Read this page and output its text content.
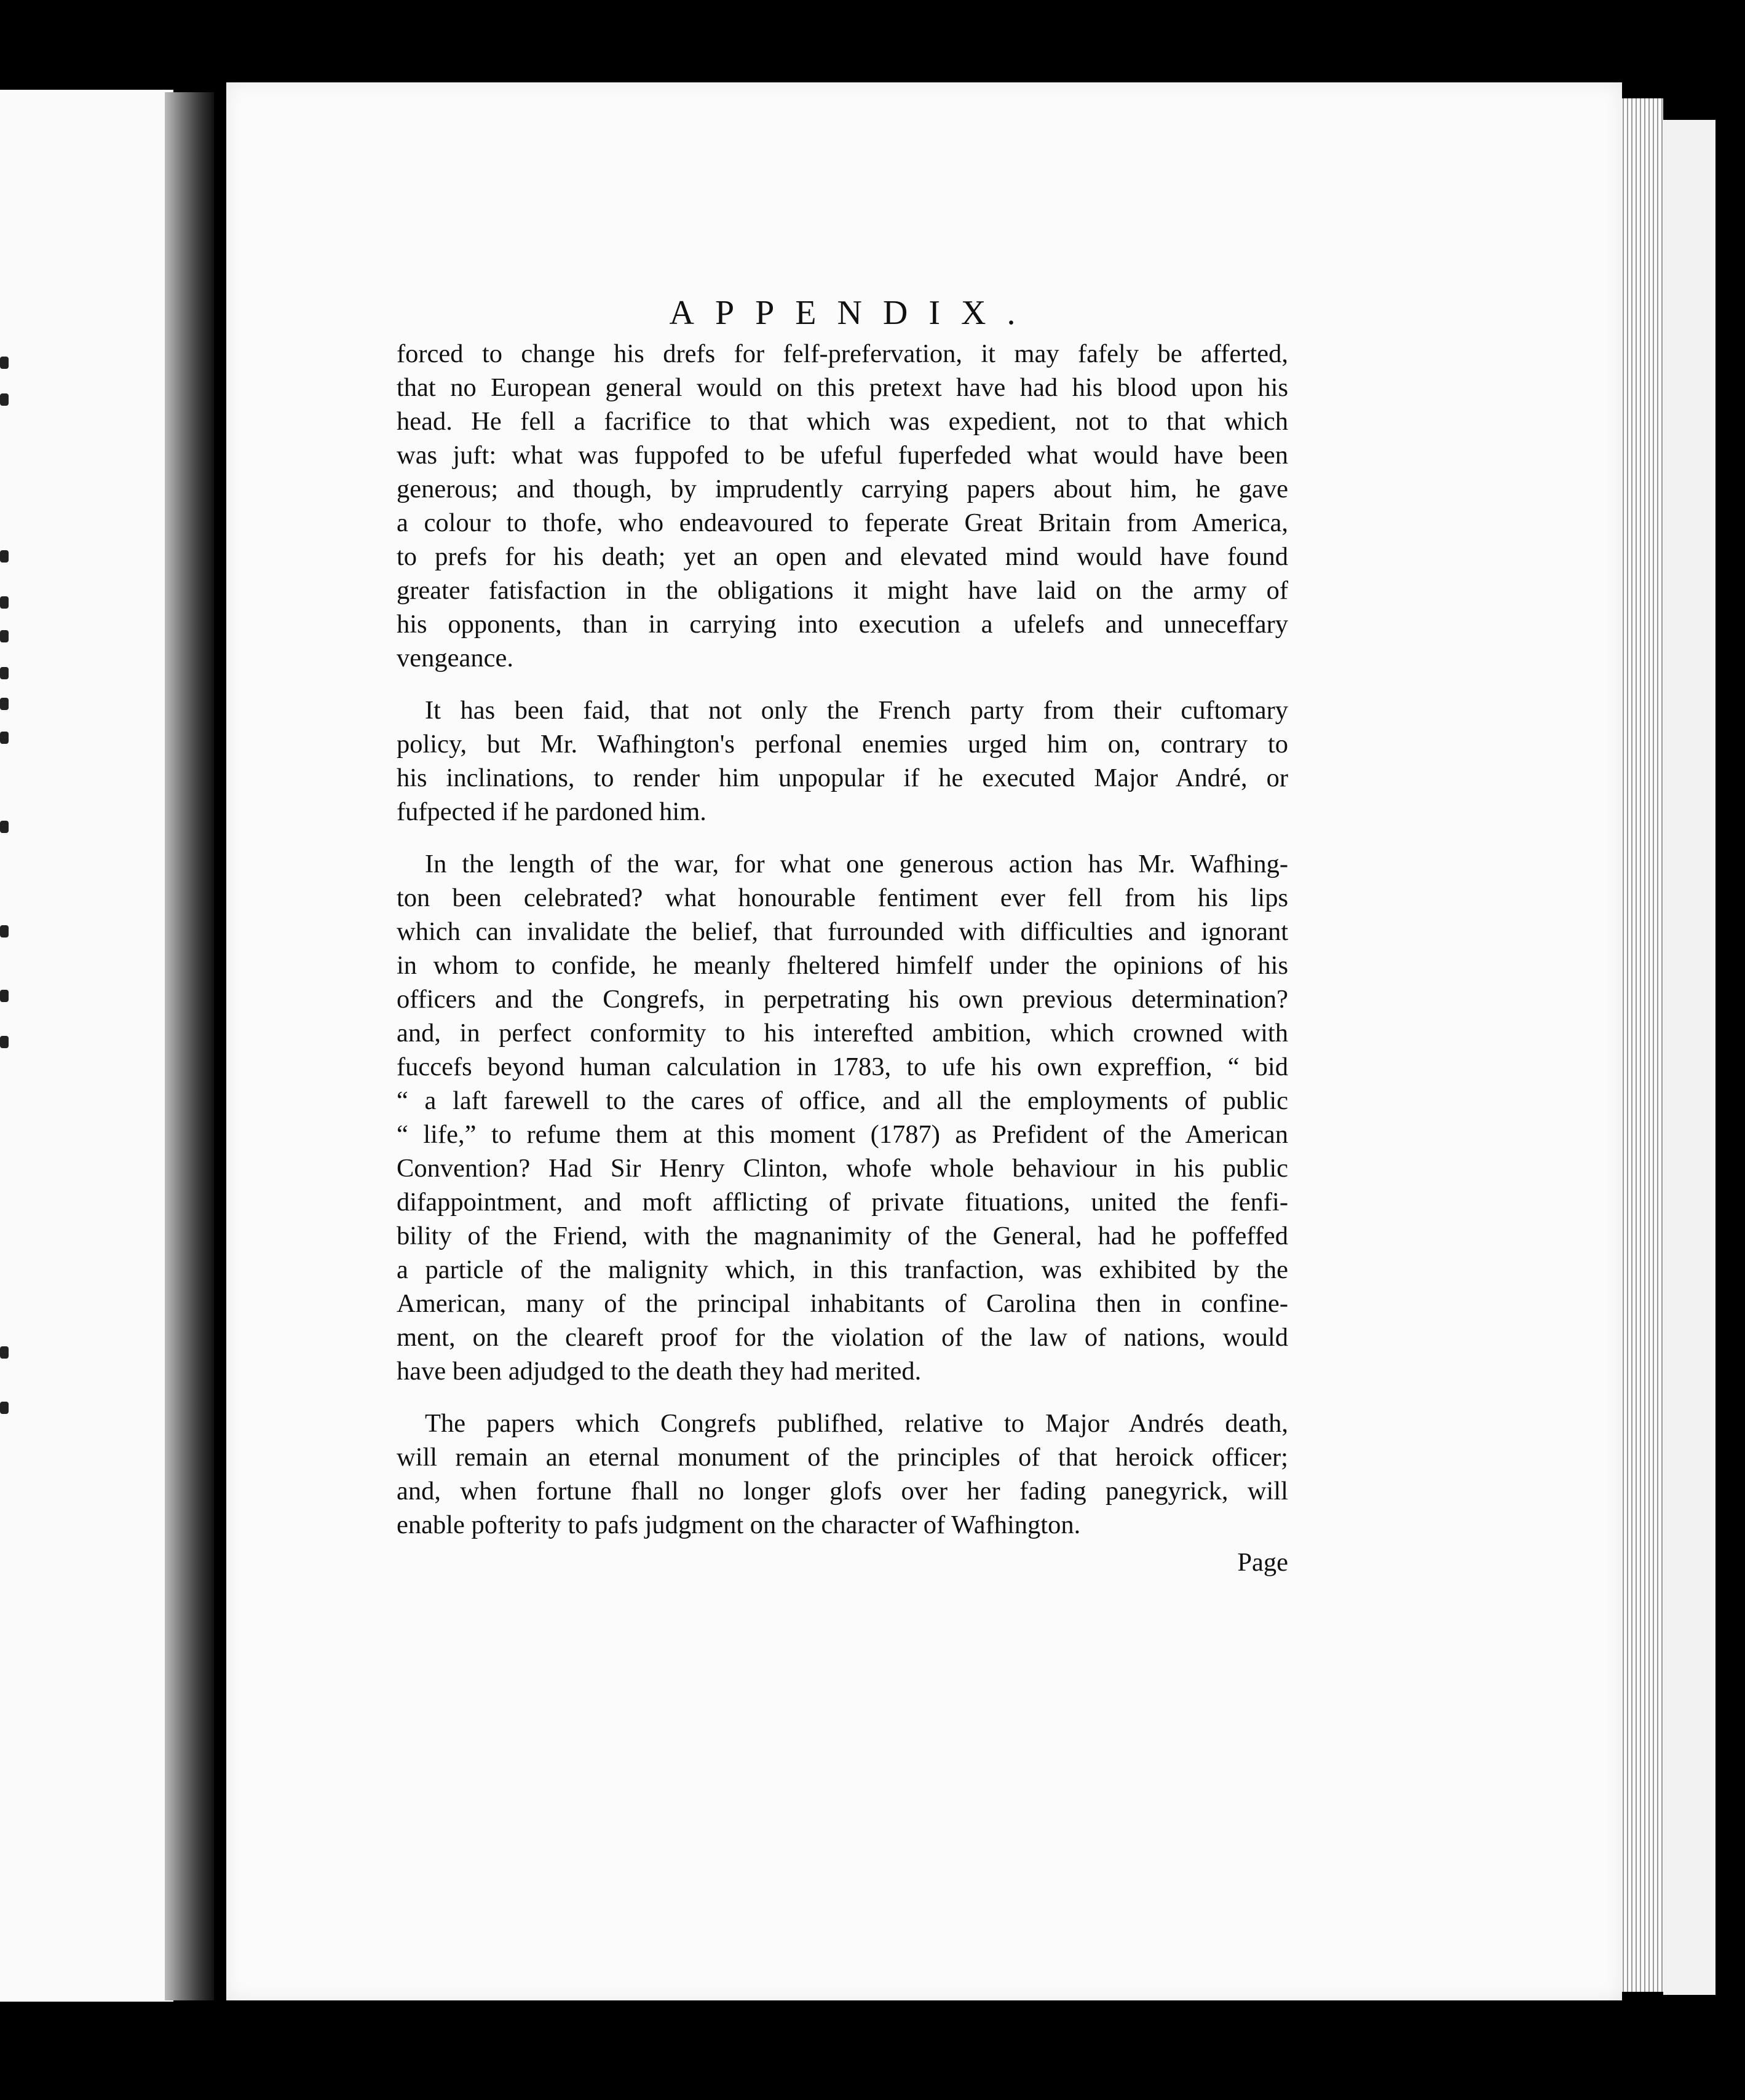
APPENDIX.

forced to change his drefs for felf-prefervation, it may fafely be afferted,
that no European general would on this pretext have had his blood upon his
head. He fell a facrifice to that which was expedient, not to that which
was juft: what was fuppofed to be ufeful fuperfeded what would have been
generous; and though, by imprudently carrying papers about him, he gave
a colour to thofe, who endeavoured to feperate Great Britain from America,
to prefs for his death; yet an open and elevated mind would have found
greater fatisfaction in the obligations it might have laid on the army of
his opponents, than in carrying into execution a ufelefs and unneceffary
vengeance.

It has been faid, that not only the French party from their cuftomary
policy, but Mr. Wafhington's perfonal enemies urged him on, contrary to
his inclinations, to render him unpopular if he executed Major André, or
fufpected if he pardoned him.

In the length of the war, for what one generous action has Mr. Wafhing-
ton been celebrated? what honourable fentiment ever fell from his lips
which can invalidate the belief, that furrounded with difficulties and ignorant
in whom to confide, he meanly fheltered himfelf under the opinions of his
officers and the Congrefs, in perpetrating his own previous determination?
and, in perfect conformity to his interefted ambition, which crowned with
fuccefs beyond human calculation in 1783, to ufe his own expreffion, “ bid
“ a laft farewell to the cares of office, and all the employments of public
“ life,” to refume them at this moment (1787) as Prefident of the American
Convention? Had Sir Henry Clinton, whofe whole behaviour in his public
difappointment, and moft afflicting of private fituations, united the fenfi-
bility of the Friend, with the magnanimity of the General, had he poffeffed
a particle of the malignity which, in this tranfaction, was exhibited by the
American, many of the principal inhabitants of Carolina then in confine-
ment, on the cleareft proof for the violation of the law of nations, would
have been adjudged to the death they had merited.

The papers which Congrefs publifhed, relative to Major Andrés death,
will remain an eternal monument of the principles of that heroick officer;
and, when fortune fhall no longer glofs over her fading panegyrick, will
enable pofterity to pafs judgment on the character of Wafhington.

Page
